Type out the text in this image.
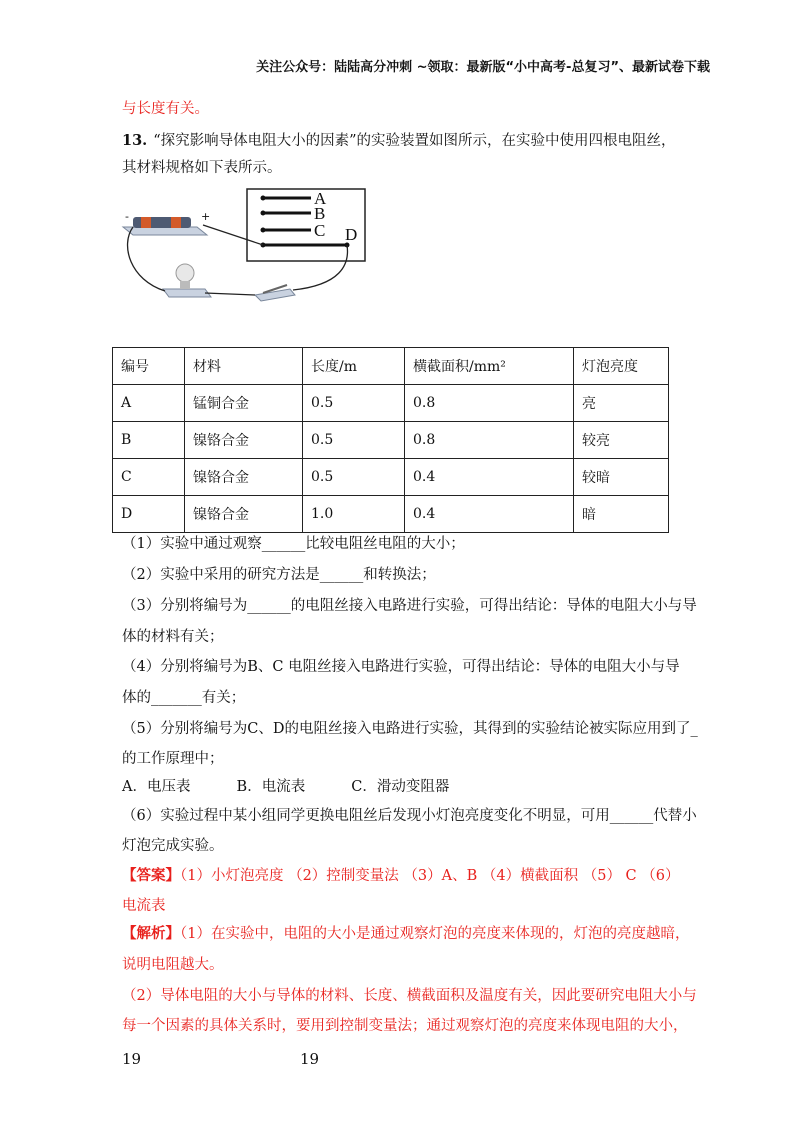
关注公众号：陆陆高分冲刺 ~领取：最新版“小中高考-总复习”、最新试卷下载
与长度有关。
13. “探究影响导体电阻大小的因素”的实验装置如图所示，在实验中使用四根电阻丝，
其材料规格如下表所示。
A
B
C D
-	+
编号	材料	长度/m	横截面积/mm²	灯泡亮度
A	锰铜合金	0.5	0.8	亮
B	镍铬合金	0.5	0.8	较亮
C	镍铬合金	0.5	0.4	较暗
D	镍铬合金	1.0	0.4	暗
（1）实验中通过观察______比较电阻丝电阻的大小；
（2）实验中采用的研究方法是______和转换法；
（3）分别将编号为______的电阻丝接入电路进行实验，可得出结论：导体的电阻大小与导
体的材料有关；
（4）分别将编号为B、C 电阻丝接入电路进行实验，可得出结论：导体的电阻大小与导
体的_______有关；
（5）分别将编号为C、D的电阻丝接入电路进行实验，其得到的实验结论被实际应用到了_
的工作原理中；
A．电压表          B．电流表          C．滑动变阻器
（6）实验过程中某小组同学更换电阻丝后发现小灯泡亮度变化不明显，可用______代替小
灯泡完成实验。
【答案】（1）小灯泡亮度 （2）控制变量法 （3）A、B （4）横截面积 （5） C （6）
电流表
【解析】（1）在实验中，电阻的大小是通过观察灯泡的亮度来体现的，灯泡的亮度越暗，
说明电阻越大。
（2）导体电阻的大小与导体的材料、长度、横截面积及温度有关，因此要研究电阻大小与
每一个因素的具体关系时，要用到控制变量法；通过观察灯泡的亮度来体现电阻的大小，
19	19
